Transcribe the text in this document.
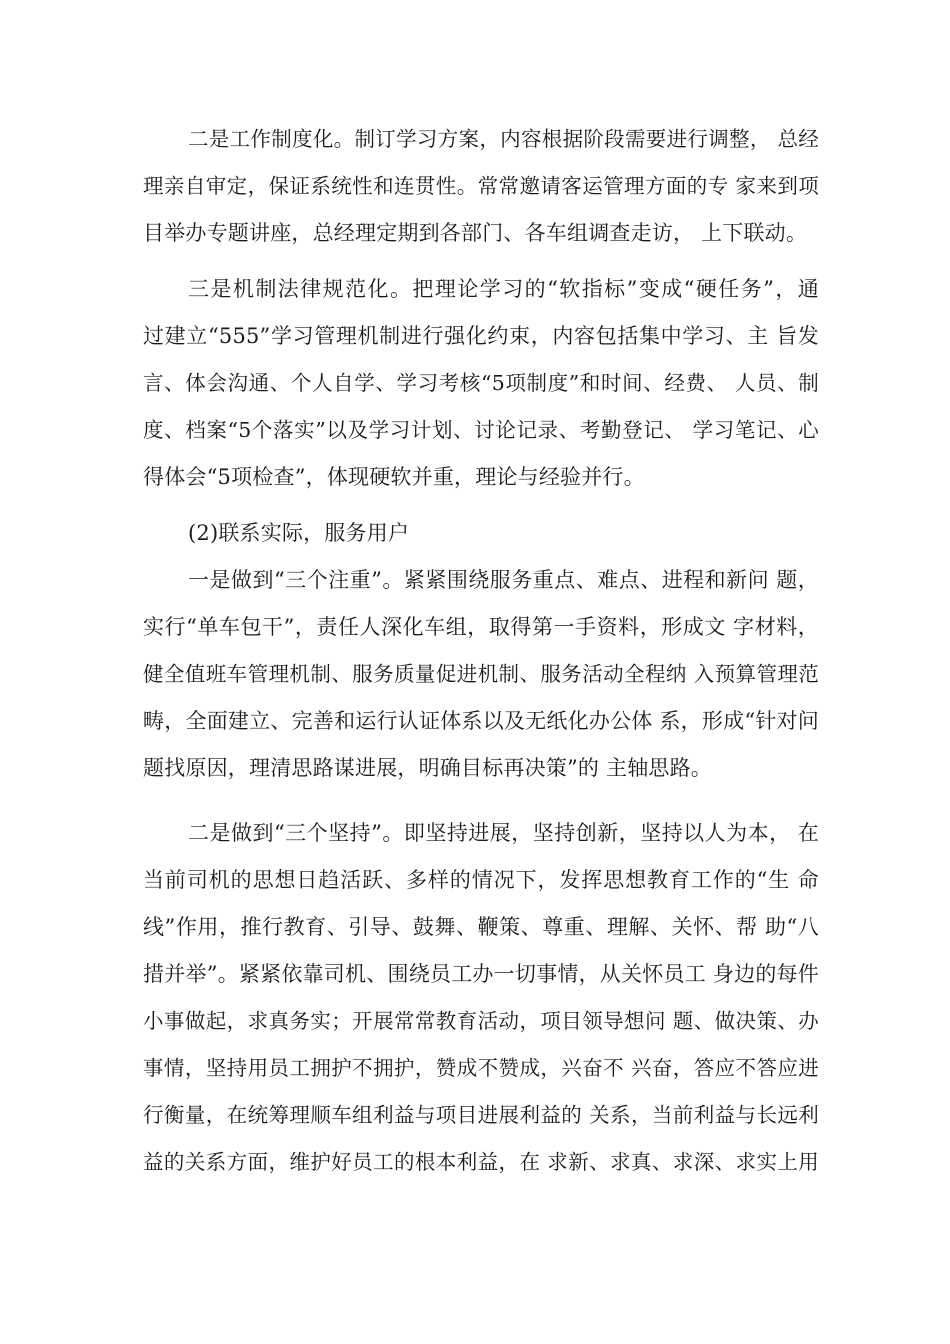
二是工作制度化。制订学习方案，内容根据阶段需要进行调整， 总经
理亲自审定，保证系统性和连贯性。常常邀请客运管理方面的专 家来到项
目举办专题讲座，总经理定期到各部门、各车组调查走访， 上下联动。
三是机制法律规范化。把理论学习的“软指标”变成“硬任务”，通
过建立“555”学习管理机制进行强化约束，内容包括集中学习、主 旨发
言、体会沟通、个人自学、学习考核“5项制度”和时间、经费、 人员、制
度、档案“5个落实”以及学习计划、讨论记录、考勤登记、 学习笔记、心
得体会“5项检查”，体现硬软并重，理论与经验并行。
(2)联系实际，服务用户
一是做到“三个注重”。紧紧围绕服务重点、难点、进程和新问 题，
实行“单车包干”，责任人深化车组，取得第一手资料，形成文 字材料，
健全值班车管理机制、服务质量促进机制、服务活动全程纳 入预算管理范
畴，全面建立、完善和运行认证体系以及无纸化办公体 系，形成“针对问
题找原因，理清思路谋进展，明确目标再决策”的 主轴思路。
二是做到“三个坚持”。即坚持进展，坚持创新，坚持以人为本， 在
当前司机的思想日趋活跃、多样的情况下，发挥思想教育工作的“生 命
线”作用，推行教育、引导、鼓舞、鞭策、尊重、理解、关怀、帮 助“八
措并举”。紧紧依靠司机、围绕员工办一切事情，从关怀员工 身边的每件
小事做起，求真务实；开展常常教育活动，项目领导想问 题、做决策、办
事情，坚持用员工拥护不拥护，赞成不赞成，兴奋不 兴奋，答应不答应进
行衡量，在统筹理顺车组利益与项目进展利益的 关系，当前利益与长远利
益的关系方面，维护好员工的根本利益，在 求新、求真、求深、求实上用
